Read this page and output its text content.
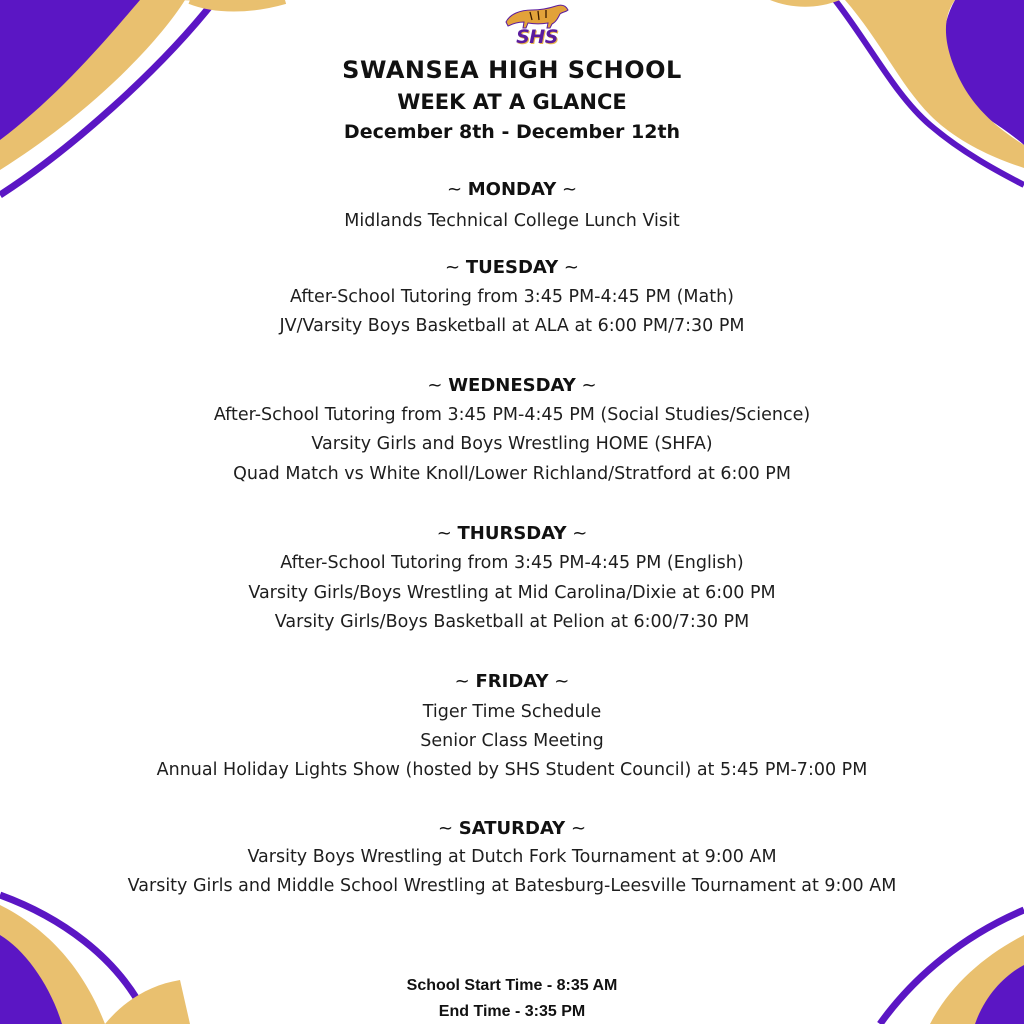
SHS
SWANSEA HIGH SCHOOL
WEEK AT A GLANCE
December 8th - December 12th
~ MONDAY ~
Midlands Technical College Lunch Visit
~ TUESDAY ~
After-School Tutoring from 3:45 PM-4:45 PM (Math)
JV/Varsity Boys Basketball at ALA at 6:00 PM/7:30 PM
~ WEDNESDAY ~
After-School Tutoring from 3:45 PM-4:45 PM (Social Studies/Science)
Varsity Girls and Boys Wrestling HOME (SHFA)
Quad Match vs White Knoll/Lower Richland/Stratford at 6:00 PM
~ THURSDAY ~
After-School Tutoring from 3:45 PM-4:45 PM (English)
Varsity Girls/Boys Wrestling at Mid Carolina/Dixie at 6:00 PM
Varsity Girls/Boys Basketball at Pelion at 6:00/7:30 PM
~ FRIDAY ~
Tiger Time Schedule
Senior Class Meeting
Annual Holiday Lights Show (hosted by SHS Student Council) at 5:45 PM-7:00 PM
~ SATURDAY ~
Varsity Boys Wrestling at Dutch Fork Tournament at 9:00 AM
Varsity Girls and Middle School Wrestling at Batesburg-Leesville Tournament at 9:00 AM
School Start Time - 8:35 AM
End Time - 3:35 PM
